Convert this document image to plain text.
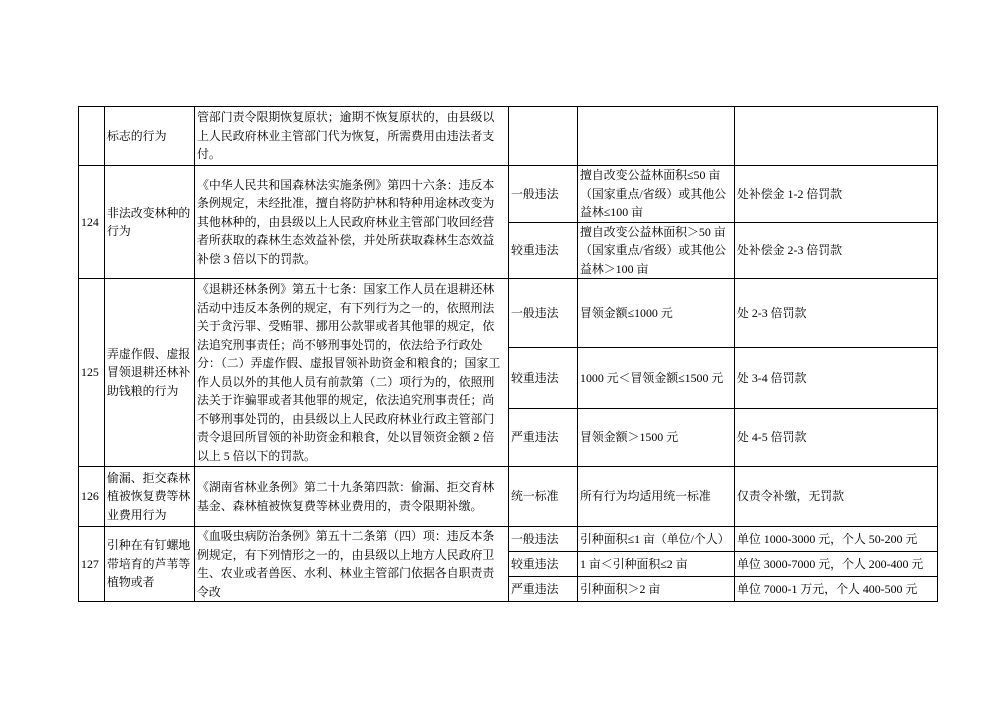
	标志的行为	管部门责令限期恢复原状；逾期不恢复原状的，由县级以上人民政府林业主管部门代为恢复，所需费用由违法者支付。			
124	非法改变林种的行为	《中华人民共和国森林法实施条例》第四十六条：违反本条例规定，未经批准，擅自将防护林和特种用途林改变为其他林种的，由县级以上人民政府林业主管部门收回经营者所获取的森林生态效益补偿，并处所获取森林生态效益补偿 3 倍以下的罚款。	一般违法	擅自改变公益林面积≤50 亩（国家重点/省级）或其他公益林≤100 亩	处补偿金 1-2 倍罚款
			较重违法	擅自改变公益林面积＞50 亩（国家重点/省级）或其他公益林＞100 亩	处补偿金 2-3 倍罚款
125	弄虚作假、虚报冒领退耕还林补助钱粮的行为	《退耕还林条例》第五十七条：国家工作人员在退耕还林活动中违反本条例的规定，有下列行为之一的，依照刑法关于贪污罪、受贿罪、挪用公款罪或者其他罪的规定，依法追究刑事责任；尚不够刑事处罚的，依法给予行政处分：（二）弄虚作假、虚报冒领补助资金和粮食的；国家工作人员以外的其他人员有前款第（二）项行为的，依照刑法关于诈骗罪或者其他罪的规定，依法追究刑事责任；尚不够刑事处罚的，由县级以上人民政府林业行政主管部门责令退回所冒领的补助资金和粮食，处以冒领资金额 2 倍以上 5 倍以下的罚款。	一般违法	冒领金额≤1000 元	处 2-3 倍罚款
			较重违法	1000 元＜冒领金额≤1500 元	处 3-4 倍罚款
			严重违法	冒领金额＞1500 元	处 4-5 倍罚款
126	偷漏、拒交森林植被恢复费等林业费用行为	《湖南省林业条例》第二十九条第四款：偷漏、拒交育林基金、森林植被恢复费等林业费用的，责令限期补缴。	统一标准	所有行为均适用统一标准	仅责令补缴，无罚款
127	引种在有钉螺地带培育的芦苇等植物或者	《血吸虫病防治条例》第五十二条第（四）项：违反本条例规定，有下列情形之一的，由县级以上地方人民政府卫生、农业或者兽医、水利、林业主管部门依据各自职责责令改	一般违法	引种面积≤1 亩（单位/个人）	单位 1000-3000 元，个人 50-200 元
			较重违法	1 亩＜引种面积≤2 亩	单位 3000-7000 元，个人 200-400 元
			严重违法	引种面积＞2 亩	单位 7000-1 万元，个人 400-500 元
